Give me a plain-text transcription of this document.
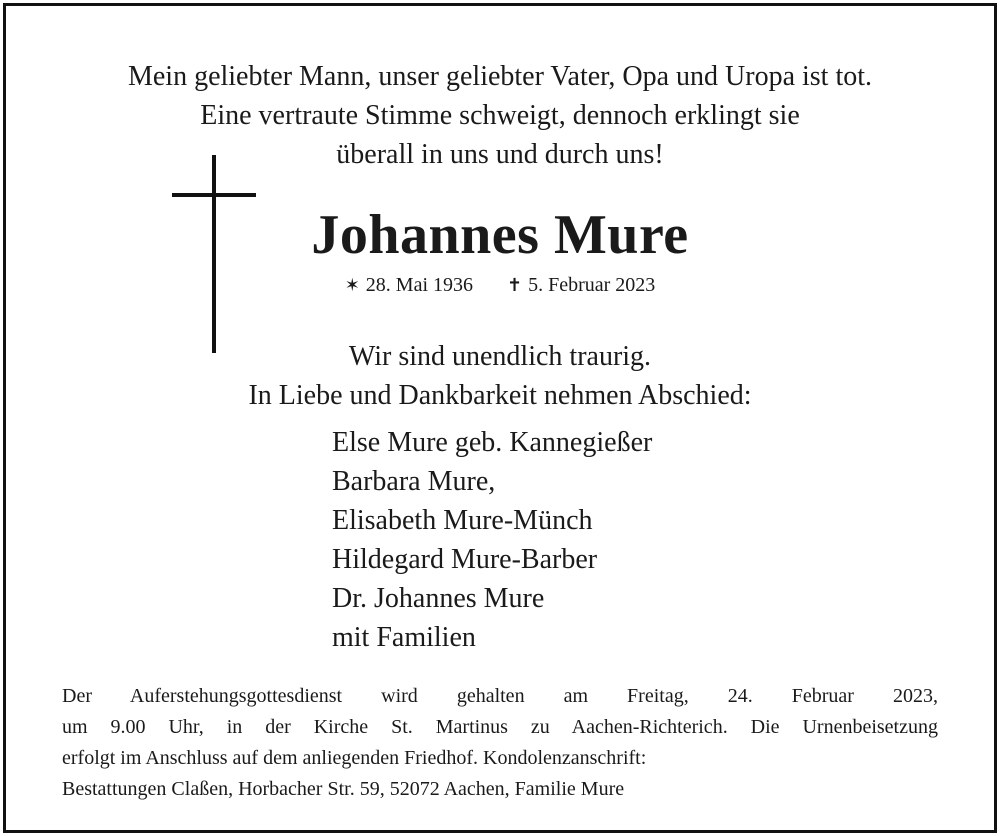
Mein geliebter Mann, unser geliebter Vater, Opa und Uropa ist tot.
Eine vertraute Stimme schweigt, dennoch erklingt sie
überall in uns und durch uns!
Johannes Mure
✶ 28. Mai 1936 ✝ 5. Februar 2023
Wir sind unendlich traurig.
In Liebe und Dankbarkeit nehmen Abschied:
Else Mure geb. Kannegießer
Barbara Mure,
Elisabeth Mure-Münch
Hildegard Mure-Barber
Dr. Johannes Mure
mit Familien
Der Auferstehungsgottesdienst wird gehalten am Freitag, 24. Februar 2023,
um 9.00 Uhr, in der Kirche St. Martinus zu Aachen-Richterich. Die Urnenbeisetzung
erfolgt im Anschluss auf dem anliegenden Friedhof. Kondolenzanschrift:
Bestattungen Claßen, Horbacher Str. 59, 52072 Aachen, Familie Mure
